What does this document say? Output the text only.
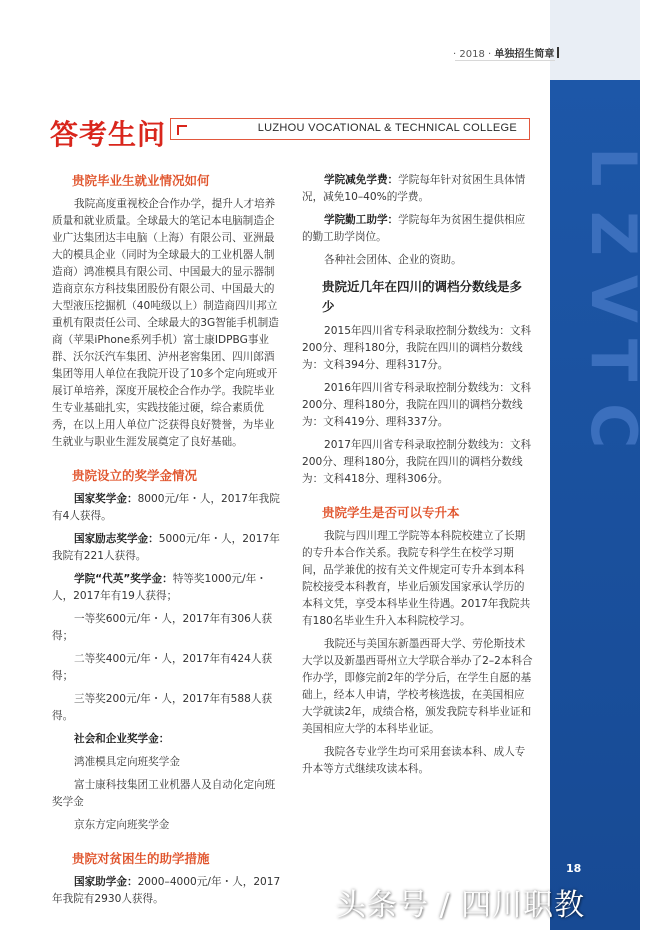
L
Z
V
T
C
· 2018 · 单独招生简章
答考生问	LUZHOU VOCATIONAL & TECHNICAL COLLEGE
贵院毕业生就业情况如何

我院高度重视校企合作办学，提升人才培养质量和就业质量。全球最大的笔记本电脑制造企业广达集团达丰电脑（上海）有限公司、亚洲最大的模具企业（同时为全球最大的工业机器人制造商）鸿准模具有限公司、中国最大的显示器制造商京东方科技集团股份有限公司、中国最大的大型液压挖掘机（40吨级以上）制造商四川邦立重机有限责任公司、全球最大的3G智能手机制造商（苹果iPhone系列手机）富士康IDPBG事业群、沃尔沃汽车集团、泸州老窖集团、四川郎酒集团等用人单位在我院开设了10多个定向班或开展订单培养，深度开展校企合作办学。我院毕业生专业基础扎实，实践技能过硬，综合素质优秀，在以上用人单位广泛获得良好赞誉，为毕业生就业与职业生涯发展奠定了良好基础。

贵院设立的奖学金情况

国家奖学金：8000元/年・人，2017年我院有4人获得。

国家励志奖学金：5000元/年・人，2017年我院有221人获得。

学院“代英”奖学金：特等奖1000元/年・人，2017年有19人获得；

一等奖600元/年・人，2017年有306人获得；

二等奖400元/年・人，2017年有424人获得；

三等奖200元/年・人，2017年有588人获得。

社会和企业奖学金：

鸿准模具定向班奖学金

富士康科技集团工业机器人及自动化定向班奖学金

京东方定向班奖学金

贵院对贫困生的助学措施

国家助学金：2000–4000元/年・人，2017年我院有2930人获得。

学院减免学费：学院每年针对贫困生具体情况，减免10–40%的学费。

学院勤工助学：学院每年为贫困生提供相应的勤工助学岗位。

各种社会团体、企业的资助。

贵院近几年在四川的调档分数线是多少

2015年四川省专科录取控制分数线为：文科200分、理科180分，我院在四川的调档分数线为：文科394分、理科317分。

2016年四川省专科录取控制分数线为：文科200分、理科180分，我院在四川的调档分数线为：文科419分、理科337分。

2017年四川省专科录取控制分数线为：文科200分、理科180分，我院在四川的调档分数线为：文科418分、理科306分。

贵院学生是否可以专升本

我院与四川理工学院等本科院校建立了长期的专升本合作关系。我院专科学生在校学习期间，品学兼优的按有关文件规定可专升本到本科院校接受本科教育，毕业后颁发国家承认学历的本科文凭，享受本科毕业生待遇。2017年我院共有180名毕业生升入本科院校学习。

我院还与美国东新墨西哥大学、劳伦斯技术大学以及新墨西哥州立大学联合举办了2–2本科合作办学，即修完前2年的学分后，在学生自愿的基础上，经本人申请，学校考核选拔，在美国相应大学就读2年，成绩合格，颁发我院专科毕业证和美国相应大学的本科毕业证。

我院各专业学生均可采用套读本科、成人专升本等方式继续攻读本科。

18
头条号 / 四川职教
